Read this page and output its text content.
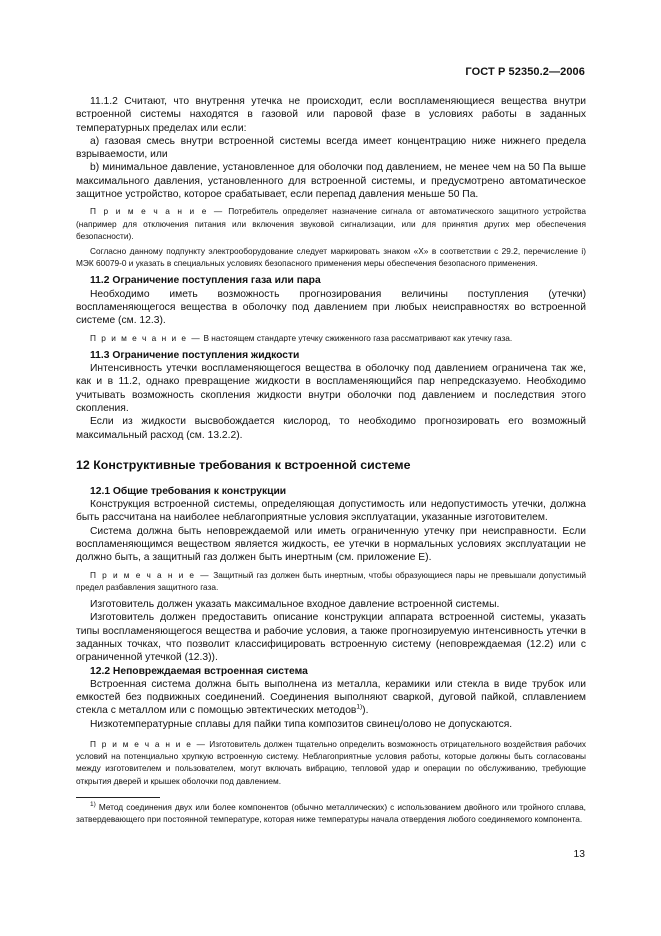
ГОСТ Р 52350.2—2006

11.1.2 Считают, что внутрення утечка не происходит, если воспламеняющиеся вещества внутри встроенной системы находятся в газовой или паровой фазе в условиях работы в заданных температурных пределах или если:

a) газовая смесь внутри встроенной системы всегда имеет концентрацию ниже нижнего предела взрываемости, или

b) минимальное давление, установленное для оболочки под давлением, не менее чем на 50 Па выше максимального давления, установленного для встроенной системы, и предусмотрено автоматическое защитное устройство, которое срабатывает, если перепад давления меньше 50 Па.

П р и м е ч а н и е — Потребитель определяет назначение сигнала от автоматического защитного устройства (например для отключения питания или включения звуковой сигнализации, или для принятия других мер обеспечения безопасности).

Согласно данному подпункту электрооборудование следует маркировать знаком «Х» в соответствии с 29.2, перечисление i) МЭК 60079-0 и указать в специальных условиях безопасного применения меры обеспечения безопасного применения.

11.2 Ограничение поступления газа или пара

Необходимо иметь возможность прогнозирования величины поступления (утечки) воспламеняющегося вещества в оболочку под давлением при любых неисправностях во встроенной системе (см. 12.3).

П р и м е ч а н и е — В настоящем стандарте утечку сжиженного газа рассматривают как утечку газа.

11.3 Ограничение поступления жидкости

Интенсивность утечки воспламеняющегося вещества в оболочку под давлением ограничена так же, как и в 11.2, однако превращение жидкости в воспламеняющийся пар непредсказуемо. Необходимо учитывать возможность скопления жидкости внутри оболочки под давлением и последствия этого скопления.

Если из жидкости высвобождается кислород, то необходимо прогнозировать его возможный максимальный расход (см. 13.2.2).

12 Конструктивные требования к встроенной системе

12.1 Общие требования к конструкции

Конструкция встроенной системы, определяющая допустимость или недопустимость утечки, должна быть рассчитана на наиболее неблагоприятные условия эксплуатации, указанные изготовителем.

Система должна быть неповреждаемой или иметь ограниченную утечку при неисправности. Если воспламеняющимся веществом является жидкость, ее утечки в нормальных условиях эксплуатации не должно быть, а защитный газ должен быть инертным (см. приложение Е).

П р и м е ч а н и е — Защитный газ должен быть инертным, чтобы образующиеся пары не превышали допустимый предел разбавления защитного газа.

Изготовитель должен указать максимальное входное давление встроенной системы.

Изготовитель должен предоставить описание конструкции аппарата встроенной системы, указать типы воспламеняющегося вещества и рабочие условия, а также прогнозируемую интенсивность утечки в заданных точках, что позволит классифицировать встроенную систему (неповреждаемая (12.2) или с ограниченной утечкой (12.3)).

12.2 Неповреждаемая встроенная система

Встроенная система должна быть выполнена из металла, керамики или стекла в виде трубок или емкостей без подвижных соединений. Соединения выполняют сваркой, дуговой пайкой, сплавлением стекла с металлом или с помощью эвтектических методов$^{1)}$).

Низкотемпературные сплавы для пайки типа композитов свинец/олово не допускаются.

П р и м е ч а н и е — Изготовитель должен тщательно определить возможность отрицательного воздействия рабочих условий на потенциально хрупкую встроенную систему. Неблагоприятные условия работы, которые должны быть согласованы между изготовителем и пользователем, могут включать вибрацию, тепловой удар и операции по обслуживанию, требующие открытия дверей и крышек оболочки под давлением.

$^{1)}$ Метод соединения двух или более компонентов (обычно металлических) с использованием двойного или тройного сплава, затвердевающего при постоянной температуре, которая ниже температуры начала отвердения любого соединяемого компонента.

13
